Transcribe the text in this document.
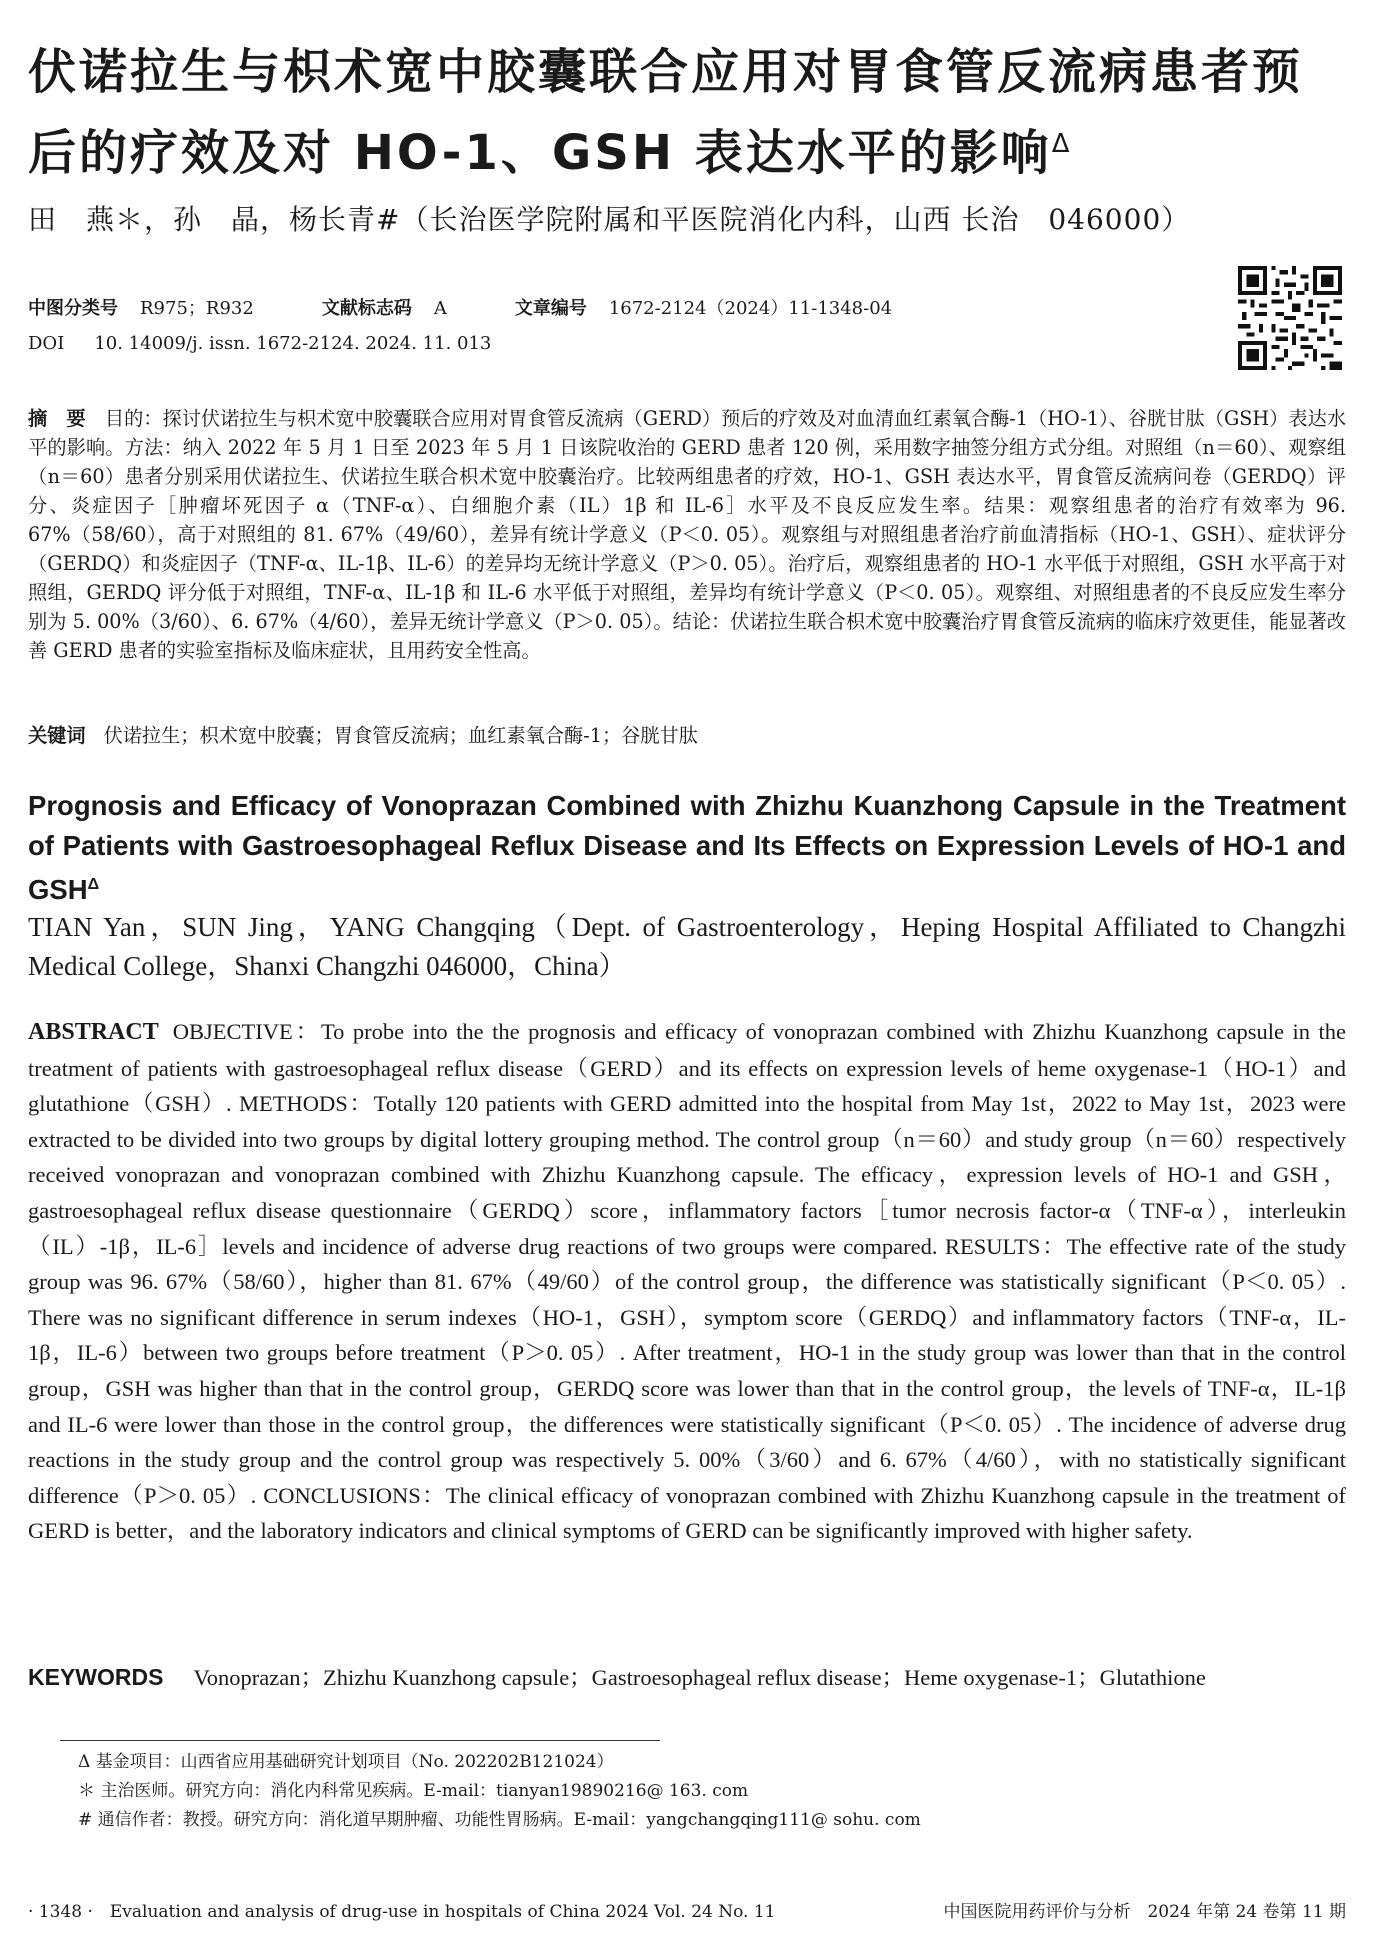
伏诺拉生与枳术宽中胶囊联合应用对胃食管反流病患者预后的疗效及对 HO-1、GSH 表达水平的影响$^\Delta$
田　燕＊，孙　晶，杨长青#（长治医学院附属和平医院消化内科，山西 长治　046000）
中图分类号 R975；R932	文献标志码 A	文章编号 1672-2124（2024）11-1348-04
DOI 10. 14009/j. issn. 1672-2124. 2024. 11. 013
摘　要　 目的：探讨伏诺拉生与枳术宽中胶囊联合应用对胃食管反流病（GERD）预后的疗效及对血清血红素氧合酶-1（HO-1）、谷胱甘肽（GSH）表达水平的影响。方法：纳入 2022 年 5 月 1 日至 2023 年 5 月 1 日该院收治的 GERD 患者 120 例，采用数字抽签分组方式分组。对照组（n＝60）、观察组（n＝60）患者分别采用伏诺拉生、伏诺拉生联合枳术宽中胶囊治疗。比较两组患者的疗效，HO-1、GSH 表达水平，胃食管反流病问卷（GERDQ）评分、炎症因子［肿瘤坏死因子 α（TNF-α）、白细胞介素（IL）1β 和 IL-6］水平及不良反应发生率。结果：观察组患者的治疗有效率为 96. 67%（58/60），高于对照组的 81. 67%（49/60），差异有统计学意义（P＜0. 05）。观察组与对照组患者治疗前血清指标（HO-1、GSH）、症状评分（GERDQ）和炎症因子（TNF-α、IL-1β、IL-6）的差异均无统计学意义（P＞0. 05）。治疗后，观察组患者的 HO-1 水平低于对照组，GSH 水平高于对照组，GERDQ 评分低于对照组，TNF-α、IL-1β 和 IL-6 水平低于对照组，差异均有统计学意义（P＜0. 05）。观察组、对照组患者的不良反应发生率分别为 5. 00%（3/60）、6. 67%（4/60），差异无统计学意义（P＞0. 05）。结论：伏诺拉生联合枳术宽中胶囊治疗胃食管反流病的临床疗效更佳，能显著改善 GERD 患者的实验室指标及临床症状，且用药安全性高。
关键词 伏诺拉生；枳术宽中胶囊；胃食管反流病；血红素氧合酶-1；谷胱甘肽
Prognosis and Efficacy of Vonoprazan Combined with Zhizhu Kuanzhong Capsule in the Treatment of Patients with Gastroesophageal Reflux Disease and Its Effects on Expression Levels of HO-1 and $GSH^\Delta$
TIAN Yan，SUN Jing，YANG Changqing（Dept. of Gastroenterology，Heping Hospital Affiliated to Changzhi Medical College，Shanxi Changzhi 046000，China）
ABSTRACT OBJECTIVE：To probe into the the prognosis and efficacy of vonoprazan combined with Zhizhu Kuanzhong capsule in the treatment of patients with gastroesophageal reflux disease（GERD）and its effects on expression levels of heme oxygenase-1（HO-1）and glutathione（GSH）. METHODS：Totally 120 patients with GERD admitted into the hospital from May 1st，2022 to May 1st，2023 were extracted to be divided into two groups by digital lottery grouping method. The control group（n＝60）and study group（n＝60）respectively received vonoprazan and vonoprazan combined with Zhizhu Kuanzhong capsule. The efficacy，expression levels of HO-1 and GSH，gastroesophageal reflux disease questionnaire（GERDQ）score，inflammatory factors［tumor necrosis factor-α（TNF-α），interleukin（IL）-1β，IL-6］levels and incidence of adverse drug reactions of two groups were compared. RESULTS：The effective rate of the study group was 96. 67%（58/60），higher than 81. 67%（49/60）of the control group，the difference was statistically significant（P＜0. 05）. There was no significant difference in serum indexes（HO-1，GSH），symptom score（GERDQ）and inflammatory factors（TNF-α，IL-1β，IL-6）between two groups before treatment（P＞0. 05）. After treatment，HO-1 in the study group was lower than that in the control group，GSH was higher than that in the control group，GERDQ score was lower than that in the control group，the levels of TNF-α，IL-1β and IL-6 were lower than those in the control group，the differences were statistically significant（P＜0. 05）. The incidence of adverse drug reactions in the study group and the control group was respectively 5. 00%（3/60）and 6. 67%（4/60），with no statistically significant difference（P＞0. 05）. CONCLUSIONS：The clinical efficacy of vonoprazan combined with Zhizhu Kuanzhong capsule in the treatment of GERD is better，and the laboratory indicators and clinical symptoms of GERD can be significantly improved with higher safety.
KEYWORDS Vonoprazan；Zhizhu Kuanzhong capsule；Gastroesophageal reflux disease；Heme oxygenase-1；Glutathione
Δ 基金项目：山西省应用基础研究计划项目（No. 202202B121024）
＊ 主治医师。研究方向：消化内科常见疾病。E-mail：tianyan19890216@ 163. com
# 通信作者：教授。研究方向：消化道早期肿瘤、功能性胃肠病。E-mail：yangchangqing111@ sohu. com
· 1348 ·　Evaluation and analysis of drug-use in hospitals of China 2024 Vol. 24 No. 11	中国医院用药评价与分析　2024 年第 24 卷第 11 期
